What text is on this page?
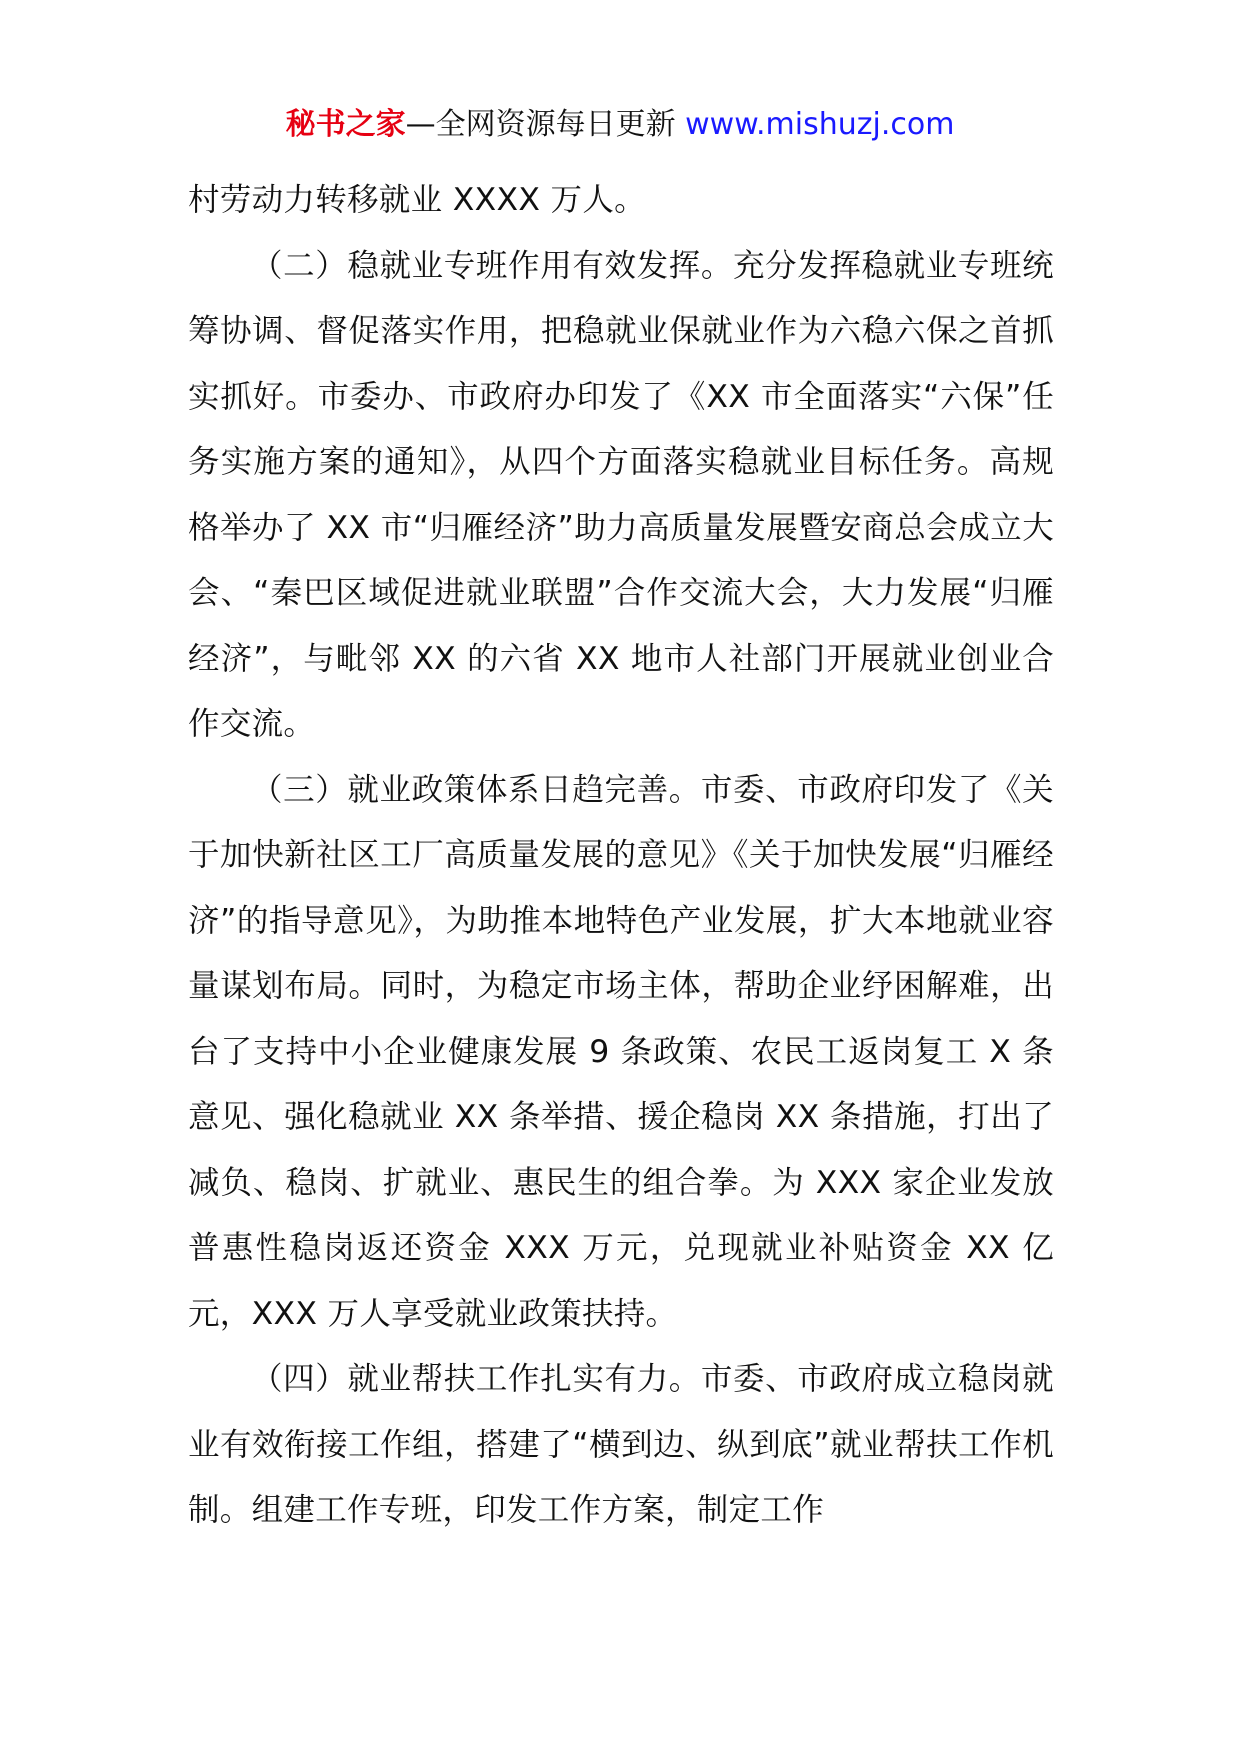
秘书之家—全网资源每日更新 www.mishuzj.com

村劳动力转移就业 XXXX 万人。

（二）稳就业专班作用有效发挥。充分发挥稳就业专班统筹协调、督促落实作用，把稳就业保就业作为六稳六保之首抓实抓好。市委办、市政府办印发了《XX 市全面落实“六保”任务实施方案的通知》，从四个方面落实稳就业目标任务。高规格举办了 XX 市“归雁经济”助力高质量发展暨安商总会成立大会、“秦巴区域促进就业联盟”合作交流大会，大力发展“归雁经济”，与毗邻 XX 的六省 XX 地市人社部门开展就业创业合作交流。

（三）就业政策体系日趋完善。市委、市政府印发了《关于加快新社区工厂高质量发展的意见》《关于加快发展“归雁经济”的指导意见》，为助推本地特色产业发展，扩大本地就业容量谋划布局。同时，为稳定市场主体，帮助企业纾困解难，出台了支持中小企业健康发展 9 条政策、农民工返岗复工 X 条意见、强化稳就业 XX 条举措、援企稳岗 XX 条措施，打出了减负、稳岗、扩就业、惠民生的组合拳。为 XXX 家企业发放普惠性稳岗返还资金 XXX 万元，兑现就业补贴资金 XX 亿元，XXX 万人享受就业政策扶持。

（四）就业帮扶工作扎实有力。市委、市政府成立稳岗就业有效衔接工作组，搭建了“横到边、纵到底”就业帮扶工作机制。组建工作专班，印发工作方案，制定工作
